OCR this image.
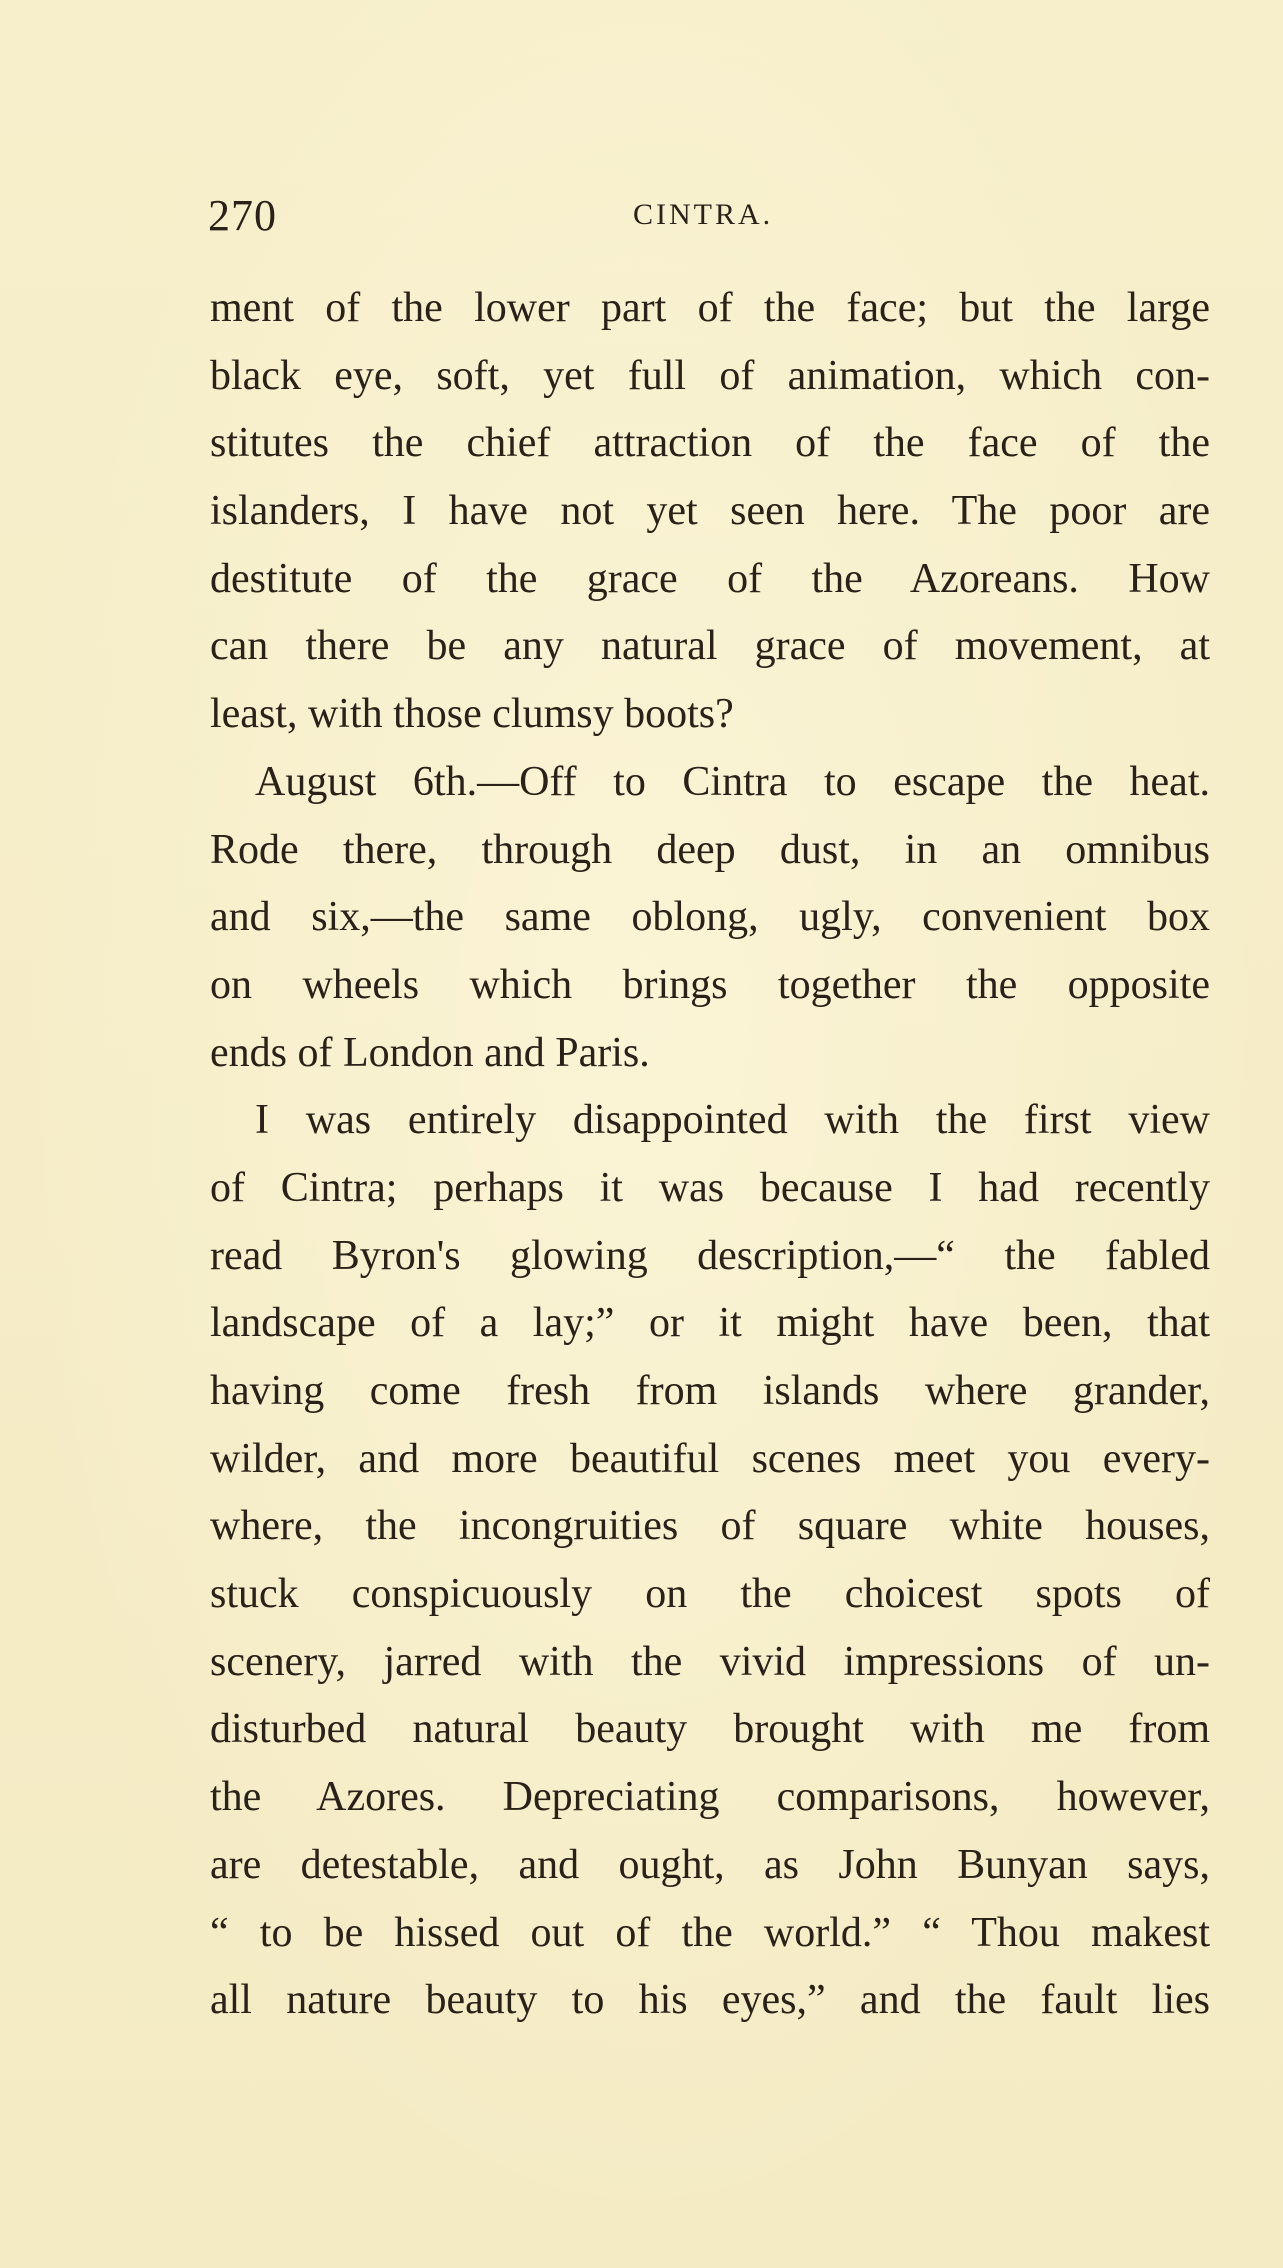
270	CINTRA.
ment of the lower part of the face; but the large
black eye, soft, yet full of animation, which con-
stitutes the chief attraction of the face of the
islanders, I have not yet seen here. The poor are
destitute of the grace of the Azoreans. How
can there be any natural grace of movement, at
least, with those clumsy boots?
August 6th.—Off to Cintra to escape the heat.
Rode there, through deep dust, in an omnibus
and six,—the same oblong, ugly, convenient box
on wheels which brings together the opposite
ends of London and Paris.
I was entirely disappointed with the first view
of Cintra; perhaps it was because I had recently
read Byron's glowing description,—“ the fabled
landscape of a lay;” or it might have been, that
having come fresh from islands where grander,
wilder, and more beautiful scenes meet you every-
where, the incongruities of square white houses,
stuck conspicuously on the choicest spots of
scenery, jarred with the vivid impressions of un-
disturbed natural beauty brought with me from
the Azores. Depreciating comparisons, however,
are detestable, and ought, as John Bunyan says,
“ to be hissed out of the world.” “ Thou makest
all nature beauty to his eyes,” and the fault lies
